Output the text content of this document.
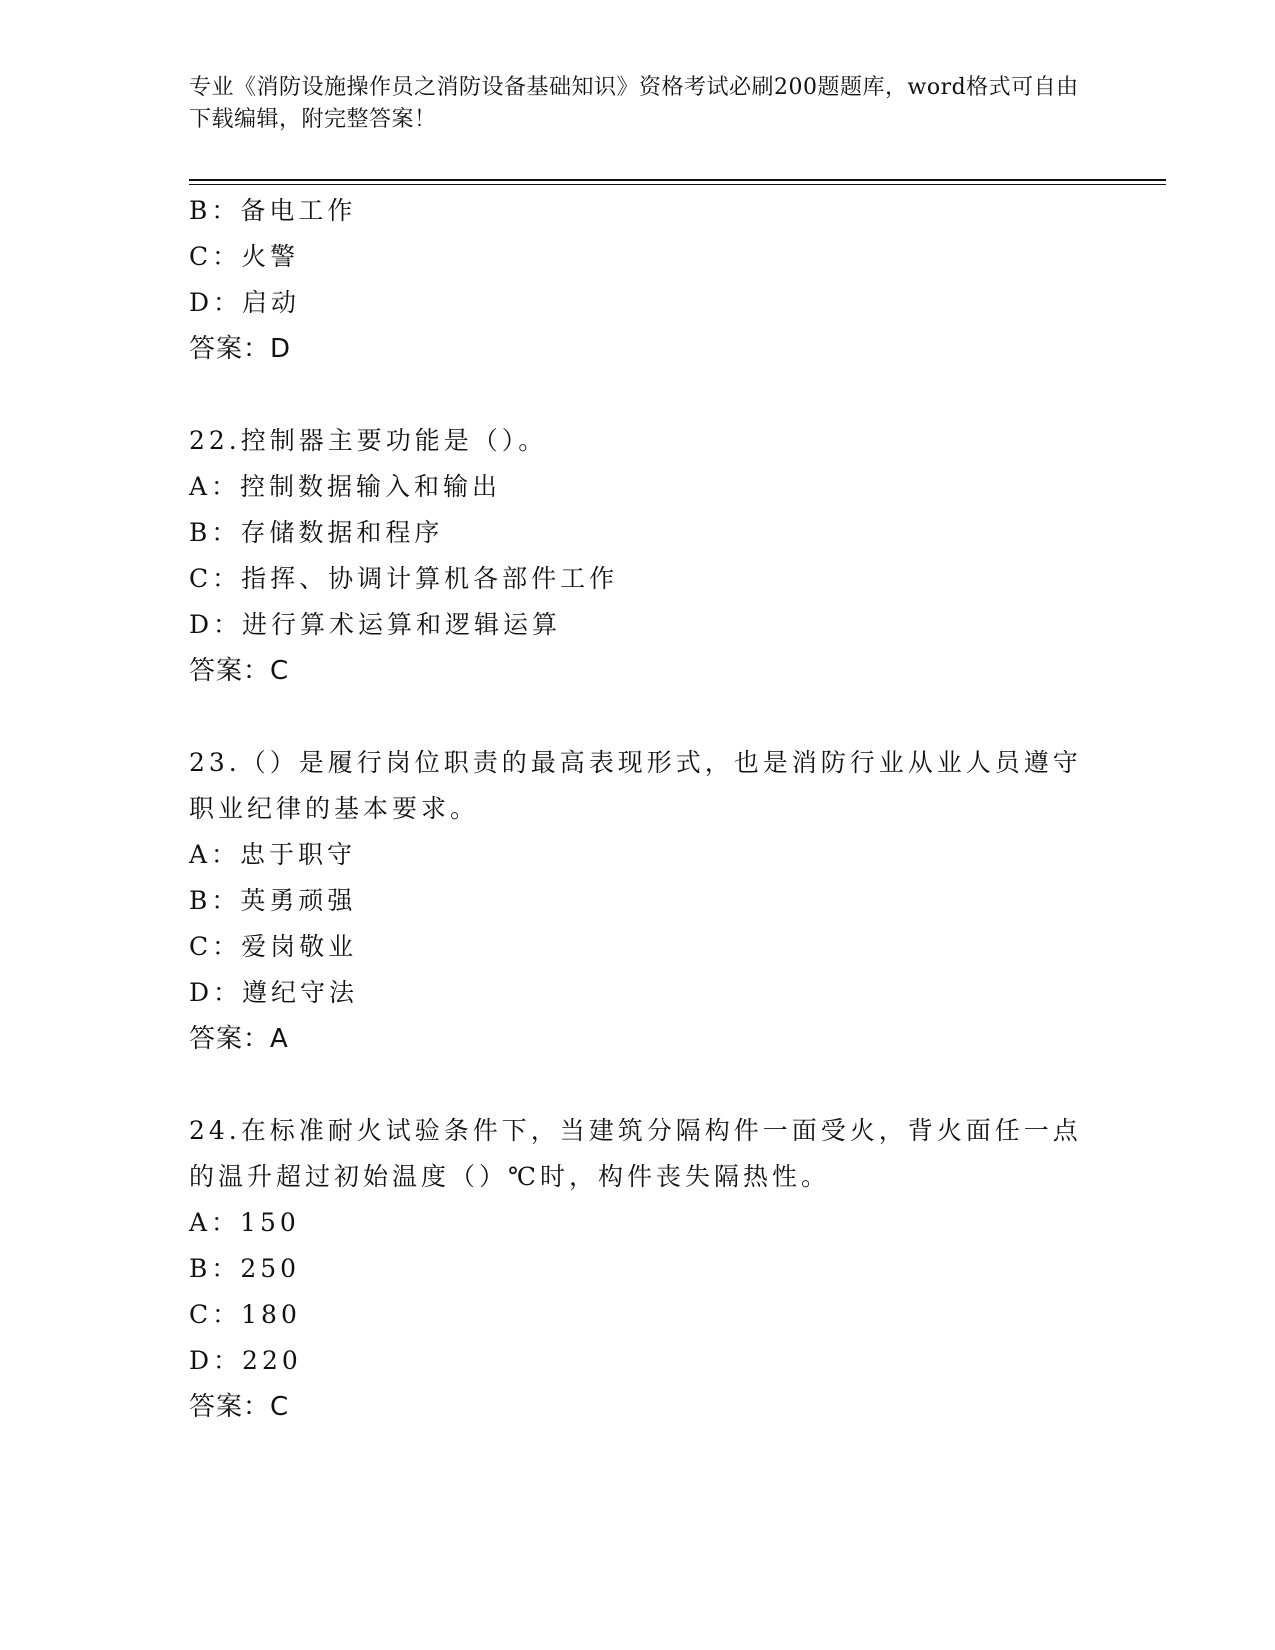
专业《消防设施操作员之消防设备基础知识》资格考试必刷200题题库，word格式可自由下载编辑，附完整答案！
B：备电工作
C：火警
D：启动
答案：D
22.控制器主要功能是（）。
A：控制数据输入和输出
B：存储数据和程序
C：指挥、协调计算机各部件工作
D：进行算术运算和逻辑运算
答案：C
23.（）是履行岗位职责的最高表现形式，也是消防行业从业人员遵守职业纪律的基本要求。
A：忠于职守
B：英勇顽强
C：爱岗敬业
D：遵纪守法
答案：A
24.在标准耐火试验条件下，当建筑分隔构件一面受火，背火面任一点的温升超过初始温度（）℃时，构件丧失隔热性。
A：150
B：250
C：180
D：220
答案：C
